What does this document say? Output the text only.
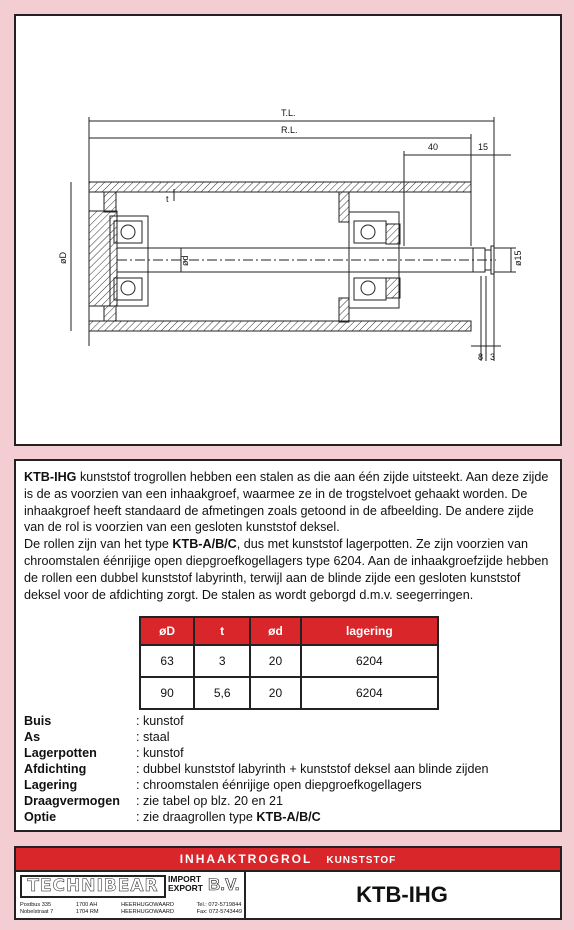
T.L.
R.L.
40	15
t
øD	ød	ø15
8 3

KTB-IHG kunststof trogrollen hebben een stalen as die aan één zijde uitsteekt. Aan deze zijde is de as voorzien van een inhaakgroef, waarmee ze in de trogstelvoet gehaakt worden. De inhaakgroef heeft standaard de afmetingen zoals getoond in de afbeelding. De andere zijde van de rol is voorzien van een gesloten kunststof deksel.
De rollen zijn van het type KTB-A/B/C, dus met kunststof lagerpotten. Ze zijn voorzien van chroomstalen éénrijige open diepgroefkogellagers type 6204. Aan de inhaakgroefzijde hebben de rollen een dubbel kunststof labyrinth, terwijl aan de blinde zijde een gesloten kunststof deksel voor de afdichting zorgt. De stalen as wordt geborgd d.m.v. seegerringen.

øD	t	ød	lagering
63	3	20	6204
90	5,6	20	6204
Buis	: kunstof
As	: staal
Lagerpotten	: kunstof
Afdichting	: dubbel kunststof labyrinth + kunststof deksel aan blinde zijden
Lagering	: chroomstalen éénrijige open diepgroefkogellagers
Draagvermogen	: zie tabel op blz. 20 en 21
Optie	: zie draagrollen type KTB-A/B/C
INHAAKTROGROL KUNSTSTOF
TECHNIBEAR	IMPORT
EXPORT B.V.
Postbus 335
Nobelstraat 7
1700 AH
1704 RM
HEERHUGOWAARD
HEERHUGOWAARD
Tel.: 072-5719844
Fax: 072-5743449
KTB-IHG
